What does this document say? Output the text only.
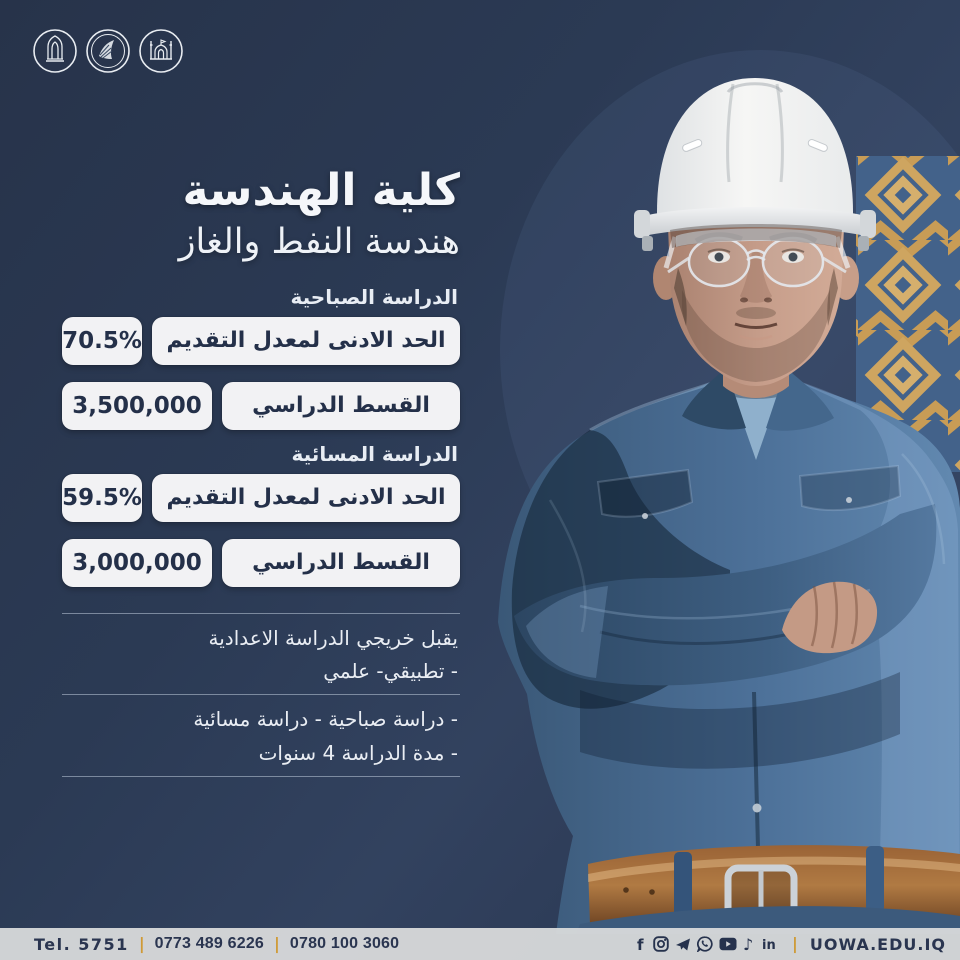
كلية الهندسة
هندسة النفط والغاز
الدراسة الصباحية
الحد الادنى لمعدل التقديم
70.5%
القسط الدراسي
3,500,000
الدراسة المسائية
الحد الادنى لمعدل التقديم
59.5%
القسط الدراسي
3,000,000

يقبل خريجي الدراسة الاعدادية

- تطبيقي- علمي

- دراسة صباحية - دراسة مسائية

- مدة الدراسة 4 سنوات

Tel. 5751 | 0773 489 6226 | 0780 100 3060	f	♪ in | UOWA.EDU.IQ
